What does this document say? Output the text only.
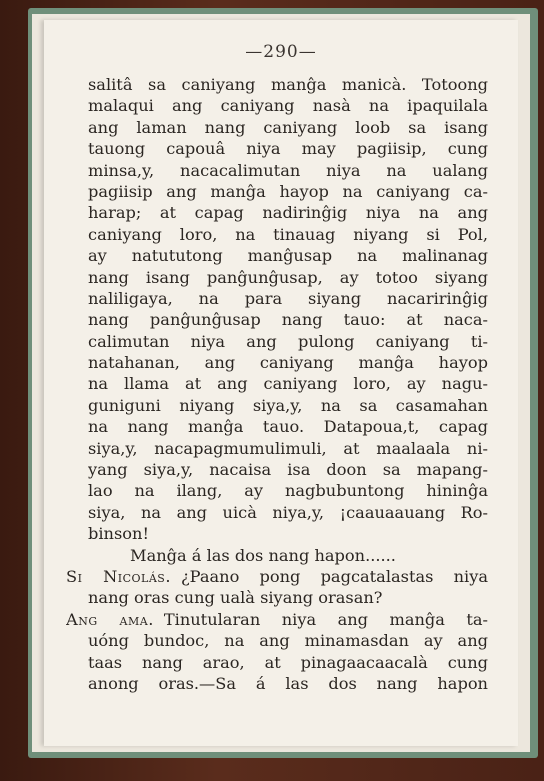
—290—
salitâ sa caniyang manĝa manicà. Totoong
malaqui ang caniyang nasà na ipaquilala
ang laman nang caniyang loob sa isang
tauong capouâ niya may pagiisip, cung
minsa,y, nacacalimutan niya na ualang
pagiisip ang manĝa hayop na caniyang ca-
harap; at capag nadirinĝig niya na ang
caniyang loro, na tinauag niyang si Pol,
ay natututong manĝusap na malinanag
nang isang panĝunĝusap, ay totoo siyang
naliligaya, na para siyang nacaririnĝig
nang panĝunĝusap nang tauo: at naca-
calimutan niya ang pulong caniyang ti-
natahanan, ang caniyang manĝa hayop
na llama at ang caniyang loro, ay nagu-
guniguni niyang siya,y, na sa casamahan
na nang manĝa tauo. Datapoua,t, capag
siya,y, nacapagmumulimuli, at maalaala ni-
yang siya,y, nacaisa isa doon sa mapang-
lao na ilang, ay nagbubuntong hininĝa
siya, na ang uicà niya,y, ¡caauaauang Ro-
binson!
Manĝa á las dos nang hapon......
Si Nicolás. ¿Paano pong pagcatalastas niya
nang oras cung ualà siyang orasan?
Ang ama. Tinutularan niya ang manĝa ta-
uóng bundoc, na ang minamasdan ay ang
taas nang arao, at pinagaacaacalà cung
anong oras.—Sa á las dos nang hapon
